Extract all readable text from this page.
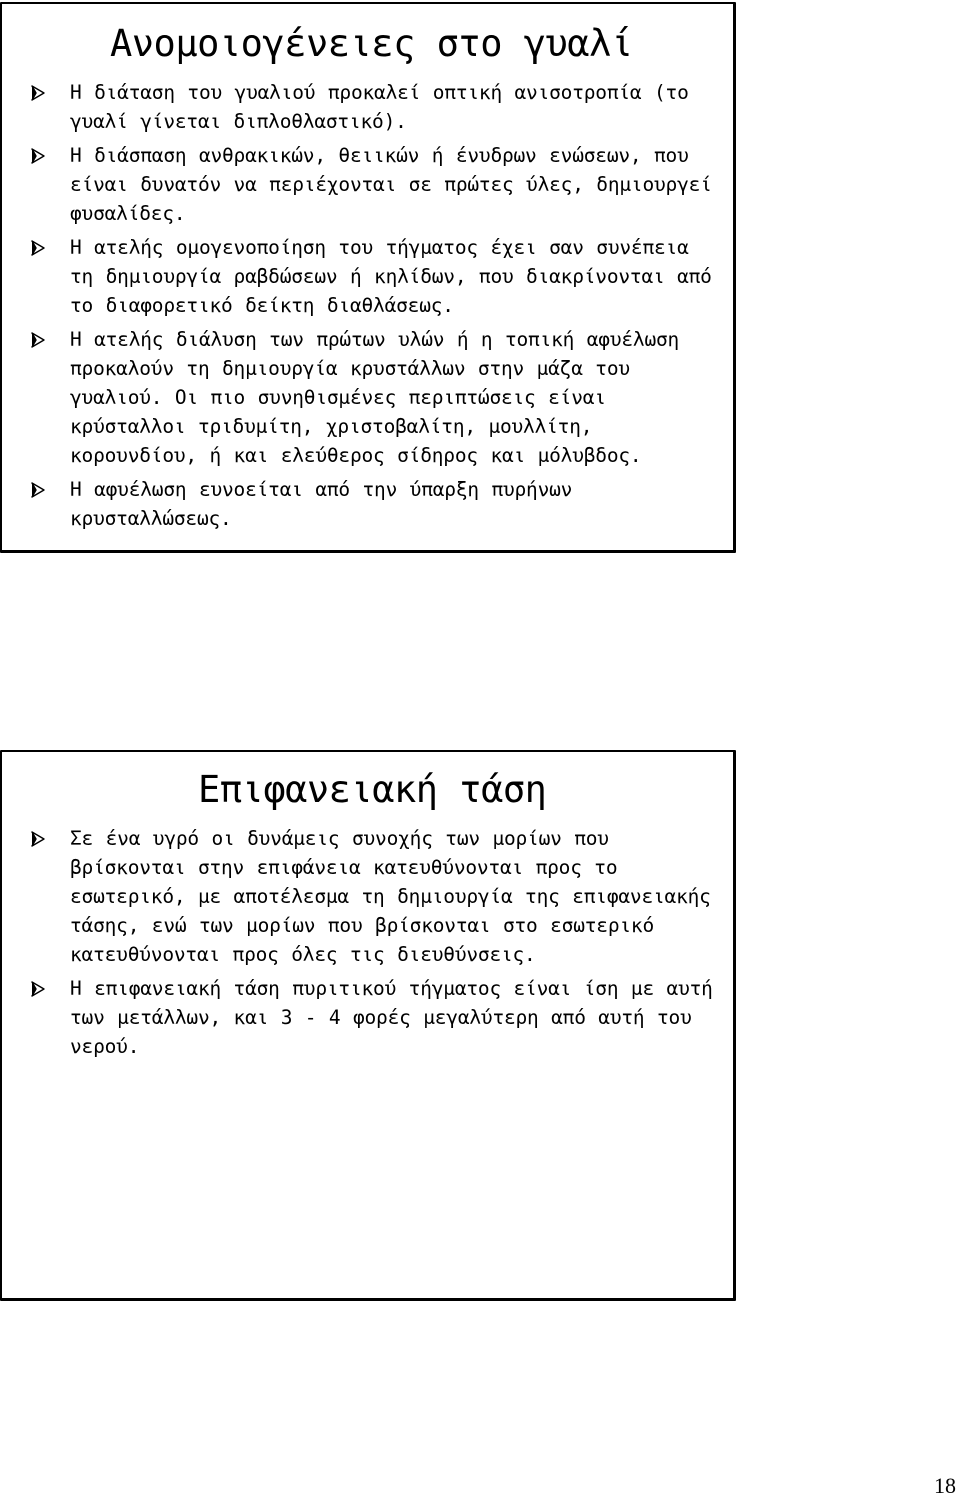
Ανομοιογένειες στο γυαλί
Η διάταση του γυαλιού προκαλεί οπτική ανισοτροπία (το γυαλί γίνεται διπλοθλαστικό).
Η διάσπαση ανθρακικών, θειικών ή ένυδρων ενώσεων, που είναι δυνατόν να περιέχονται σε πρώτες ύλες, δημιουργεί φυσαλίδες.
Η ατελής ομογενοποίηση του τήγματος έχει σαν συνέπεια τη δημιουργία ραβδώσεων ή κηλίδων, που διακρίνονται από το διαφορετικό δείκτη διαθλάσεως.
Η ατελής διάλυση των πρώτων υλών ή η τοπική αφυέλωση προκαλούν τη δημιουργία κρυστάλλων στην μάζα του γυαλιού. Οι πιο συνηθισμένες περιπτώσεις είναι κρύσταλλοι τριδυμίτη, χριστοβαλίτη, μουλλίτη, κορουνδίου, ή και ελεύθερος σίδηρος και μόλυβδος.
Η αφυέλωση ευνοείται από την ύπαρξη πυρήνων κρυσταλλώσεως.
Επιφανειακή τάση
Σε ένα υγρό οι δυνάμεις συνοχής των μορίων που βρίσκονται στην επιφάνεια κατευθύνονται προς το εσωτερικό, με αποτέλεσμα τη δημιουργία της επιφανειακής τάσης, ενώ των μορίων που βρίσκονται στο εσωτερικό κατευθύνονται προς όλες τις διευθύνσεις.
Η επιφανειακή τάση πυριτικού τήγματος είναι ίση με αυτή των μετάλλων, και 3 - 4 φορές μεγαλύτερη από αυτή του νερού.
18
